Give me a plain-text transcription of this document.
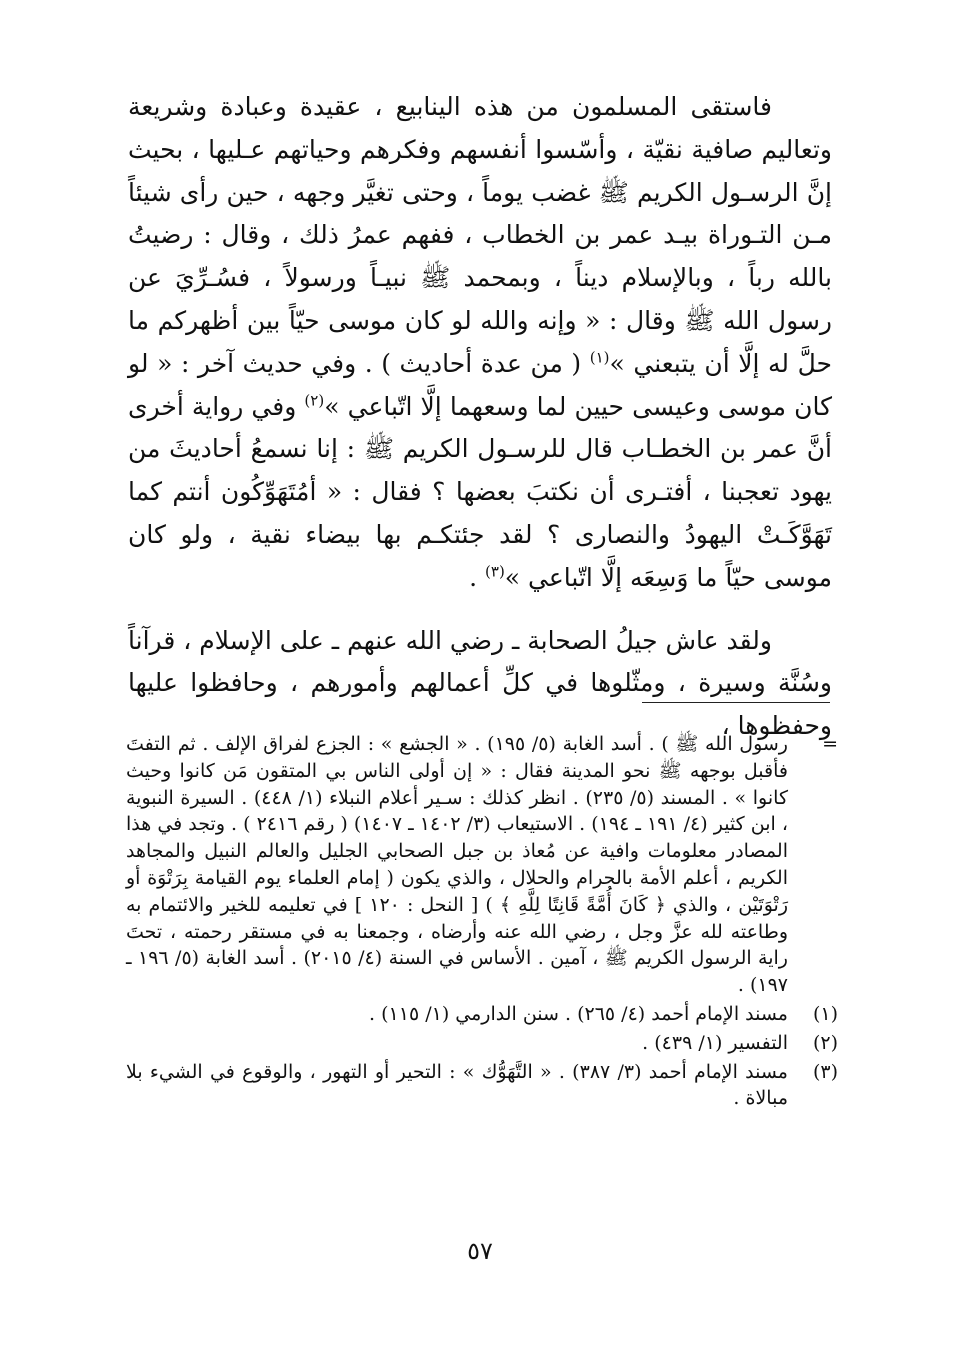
فاستقى المسلمون من هذه الينابيع ، عقيدة وعبادة وشريعة وتعاليم صافية نقيّة ، وأسّسوا أنفسهم وفكرهم وحياتهم عـليها ، بحيث إنَّ الرسـول الكريم ﷺ غضب يوماً ، وحتى تغيَّر وجهه ، حين رأى شيئاً مـن التـوراة بيـد عمر بن الخطاب ، ففهم عمرُ ذلك ، وقال : رضيتُ بالله رباً ، وبالإسلام ديناً ، وبمحمد ﷺ نبيـاً ورسولاً ، فسُـرِّيَ عن رسول الله ﷺ وقال : « وإنه والله لو كان موسى حيّاً بين أظهركم ما حلَّ له إلَّا أن يتبعني »$^{(١)}$ ( من عدة أحاديث ) . وفي حديث آخر : « لو كان موسى وعيسى حيين لما وسعهما إلَّا اتّباعي »$^{(٢)}$ وفي رواية أخرى أنَّ عمر بن الخطـاب قال للرسـول الكريم ﷺ : إنا نسمعُ أحاديثَ من يهود تعجبنا ، أفتـرى أن نكتبَ بعضها ؟ فقال : « أمُتَهَوِّكُون أنتم كما تَهَوَّكَـتْ اليهودُ والنصارى ؟ لقد جئتكـم بها بيضاء نقية ، ولو كان موسى حيّاً ما وَسِعَه إلَّا اتّباعي »$^{(٣)}$ .

ولقد عاش جيلُ الصحابة ـ رضي الله عنهم ـ على الإسلام ، قرآناً وسُنَّة وسيرة ، ومثّلوها في كلِّ أعمالهم وأمورهم ، وحافظوا عليها وحفظوها ،

=
رسول الله ﷺ ) . أسد الغابة (٥/ ١٩٥) . « الجشع » : الجزع لفراق الإلف . ثم التفتَ فأقبل بوجهه ﷺ نحو المدينة فقال : « إن أولى الناس بي المتقون مَن كانوا وحيث كانوا » . المسند (٥/ ٢٣٥) . انظر كذلك : سـير أعلام النبلاء (١/ ٤٤٨) . السيرة النبوية ، ابن كثير (٤/ ١٩١ ـ ١٩٤) . الاستيعاب (٣/ ١٤٠٢ ـ ١٤٠٧) ( رقم ٢٤١٦ ) . وتجد في هذا المصادر معلومات وافية عن مُعاذ بن جبل الصحابي الجليل والعالم النبيل والمجاهد الكريم ، أعلم الأمة بالحرام والحلال ، والذي يكون ( إمام العلماء يوم القيامة بِرَتْوَة أو رَتْوَتَيْن ، والذي ﴿ كَانَ أُمَّةً قَانِتًا لِلَّهِ ﴾ ) [ النحل : ١٢٠ ] في تعليمه للخير والائتمام به وطاعته لله عزَّ وجل ، رضي الله عنه وأرضاه ، وجمعنا به في مستقر رحمته ، تحتَ راية الرسول الكريم ﷺ ، آمين . الأساس في السنة (٤/ ٢٠١٥) . أسد الغابة (٥/ ١٩٦ ـ ١٩٧) .
(١)
مسند الإمام أحمد (٤/ ٢٦٥) . سنن الدارمي (١/ ١١٥) .
(٢)
التفسير (١/ ٤٣٩) .
(٣)
مسند الإمام أحمد (٣/ ٣٨٧) . « التَّهَوُّك » : التحير أو التهور ، والوقوع في الشيء بلا مبالاة .
٥٧
